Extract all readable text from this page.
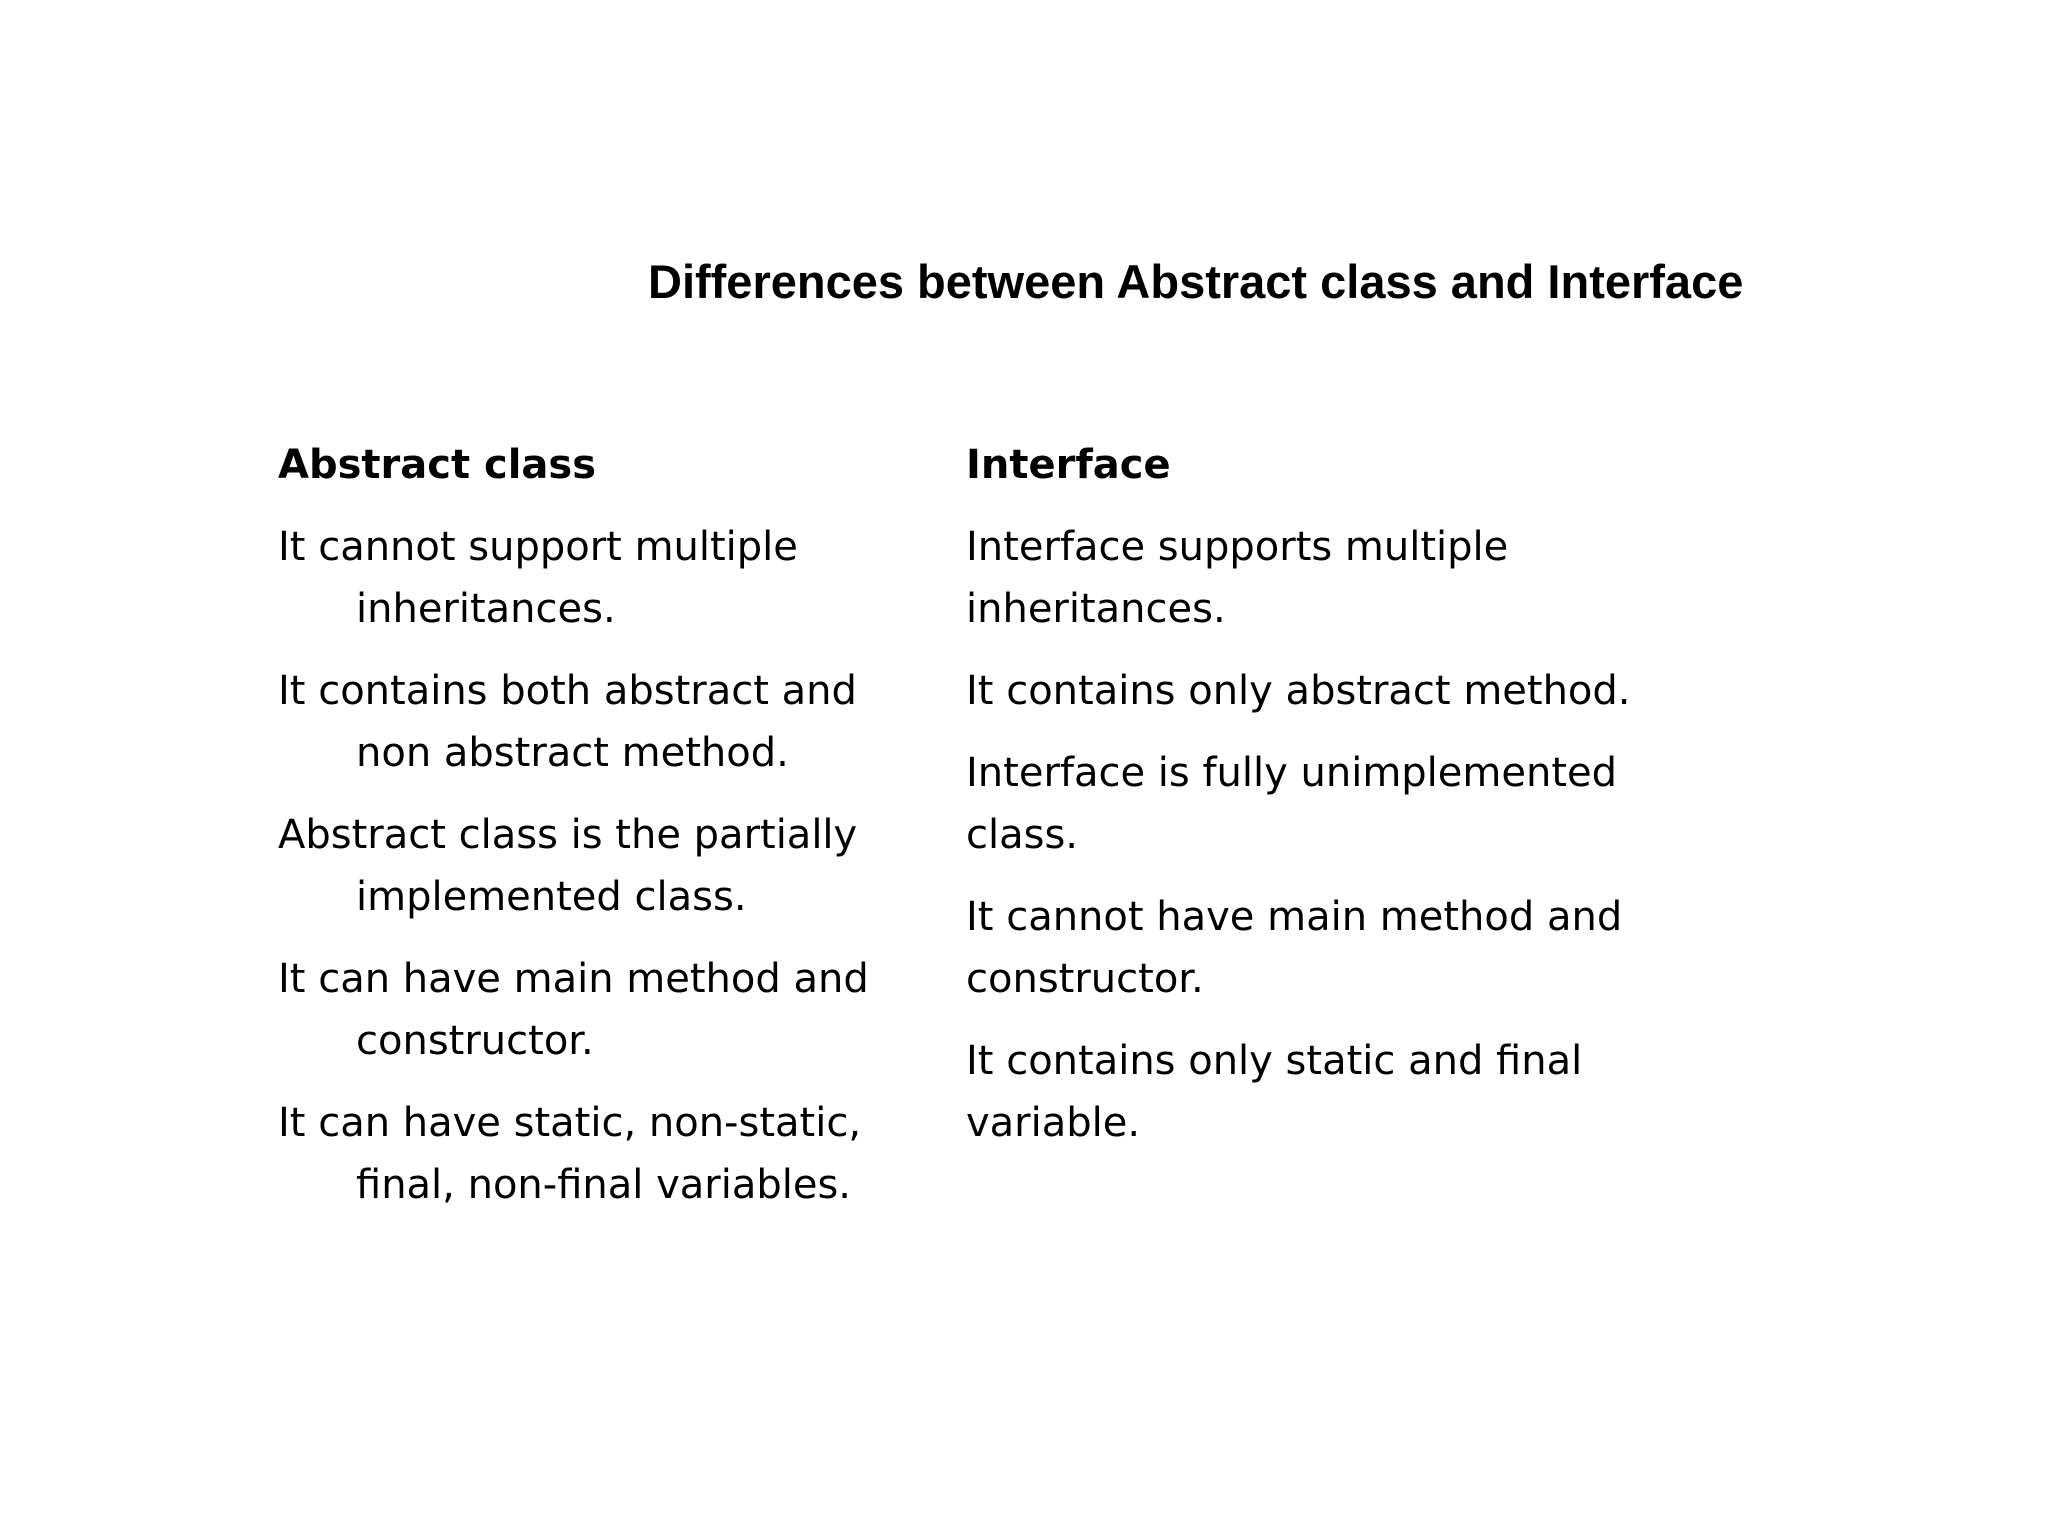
Differences between Abstract class and Interface
Abstract class

It cannot support multiple inheritances.

It contains both abstract and non abstract method.

Abstract class is the partially implemented class.

It can have main method and constructor.

It can have static, non-static, final, non-final variables.

Interface

Interface supports multiple inheritances.

It contains only abstract method.

Interface is fully unimplemented class.

It cannot have main method and constructor.

It contains only static and final variable.
